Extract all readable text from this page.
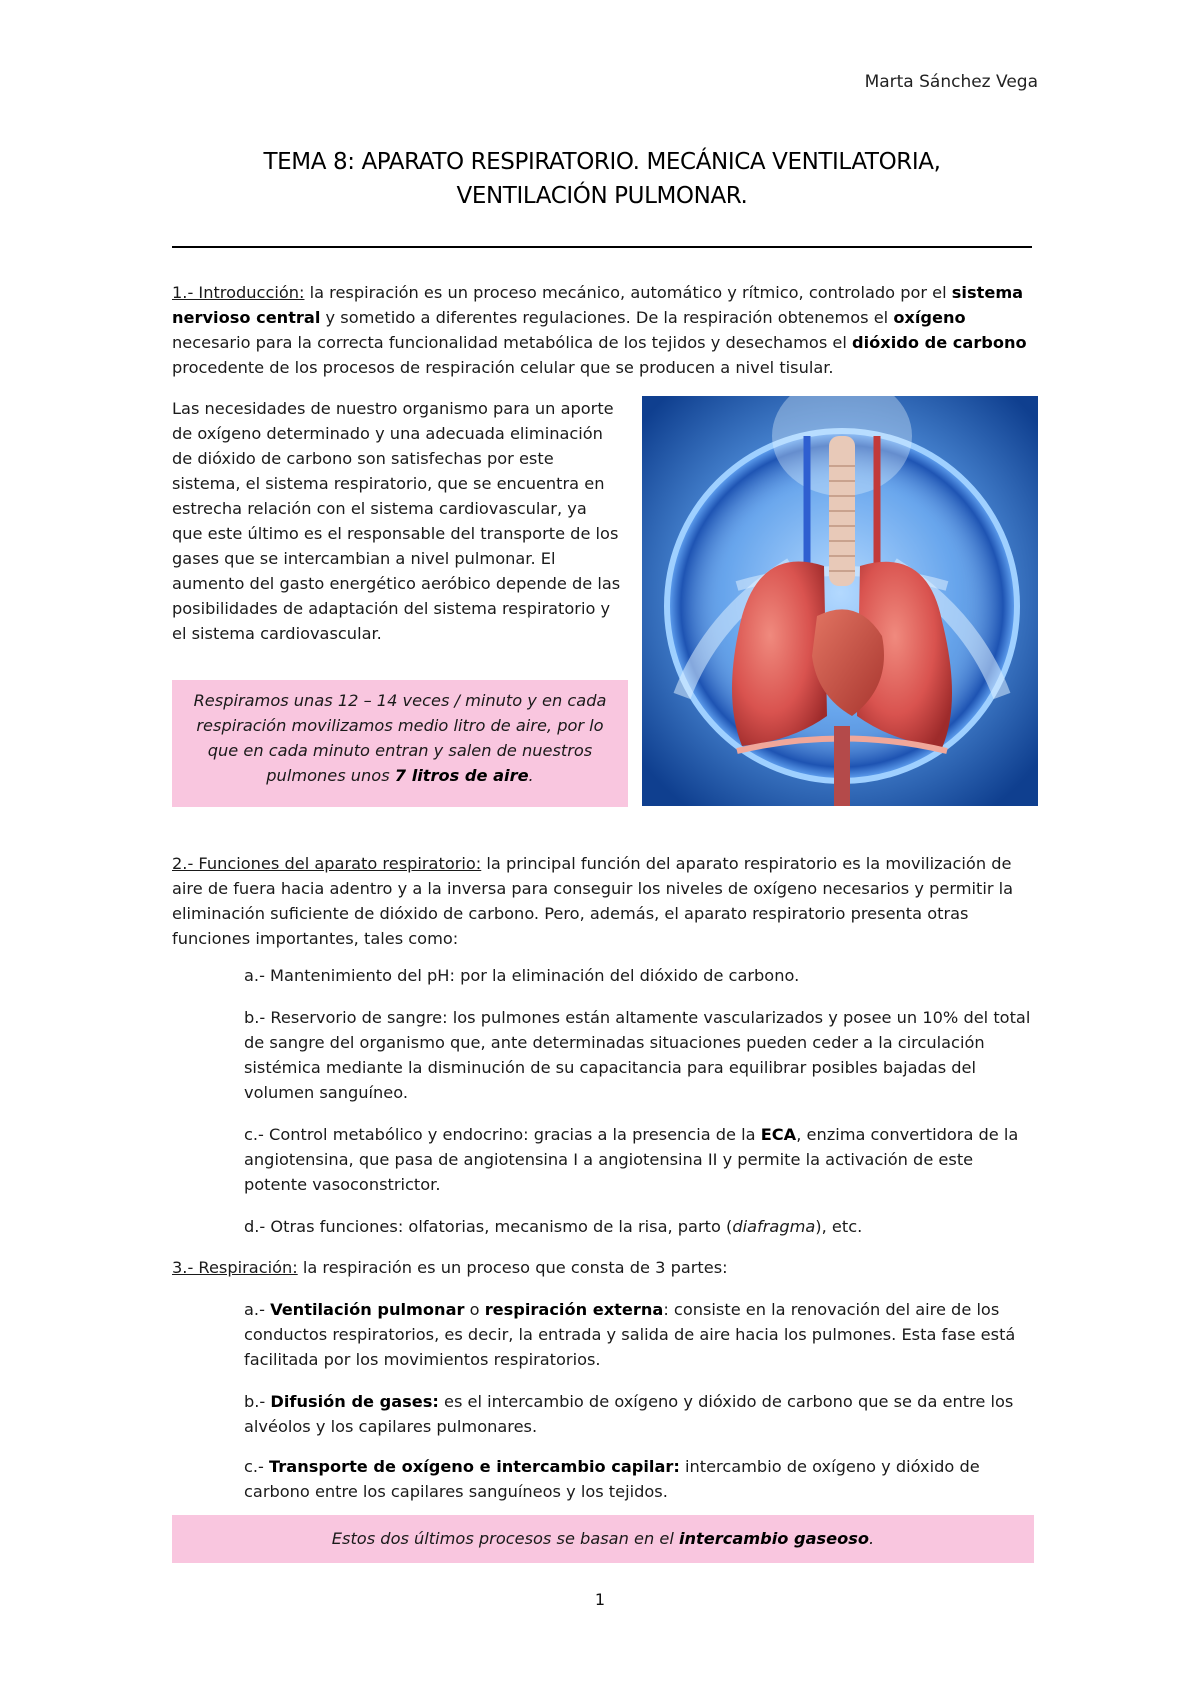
Marta Sánchez Vega
TEMA 8: APARATO RESPIRATORIO. MECÁNICA VENTILATORIA,
VENTILACIÓN PULMONAR.
1.- Introducción: la respiración es un proceso mecánico, automático y rítmico, controlado por el sistema nervioso central y sometido a diferentes regulaciones. De la respiración obtenemos el oxígeno necesario para la correcta funcionalidad metabólica de los tejidos y desechamos el dióxido de carbono procedente de los procesos de respiración celular que se producen a nivel tisular.
Las necesidades de nuestro organismo para un aporte de oxígeno determinado y una adecuada eliminación de dióxido de carbono son satisfechas por este sistema, el sistema respiratorio, que se encuentra en estrecha relación con el sistema cardiovascular, ya que este último es el responsable del transporte de los gases que se intercambian a nivel pulmonar. El aumento del gasto energético aeróbico depende de las posibilidades de adaptación del sistema respiratorio y el sistema cardiovascular.

Respiramos unas 12 – 14 veces / minuto y en cada respiración movilizamos medio litro de aire, por lo que en cada minuto entran y salen de nuestros pulmones unos 7 litros de aire.

2.- Funciones del aparato respiratorio: la principal función del aparato respiratorio es la movilización de aire de fuera hacia adentro y a la inversa para conseguir los niveles de oxígeno necesarios y permitir la eliminación suficiente de dióxido de carbono. Pero, además, el aparato respiratorio presenta otras funciones importantes, tales como:
a.- Mantenimiento del pH: por la eliminación del dióxido de carbono.
b.- Reservorio de sangre: los pulmones están altamente vascularizados y posee un 10% del total de sangre del organismo que, ante determinadas situaciones pueden ceder a la circulación sistémica mediante la disminución de su capacitancia para equilibrar posibles bajadas del volumen sanguíneo.
c.- Control metabólico y endocrino: gracias a la presencia de la ECA, enzima convertidora de la angiotensina, que pasa de angiotensina I a angiotensina II y permite la activación de este potente vasoconstrictor.
d.- Otras funciones: olfatorias, mecanismo de la risa, parto (diafragma), etc.
3.- Respiración: la respiración es un proceso que consta de 3 partes:
a.- Ventilación pulmonar o respiración externa: consiste en la renovación del aire de los conductos respiratorios, es decir, la entrada y salida de aire hacia los pulmones. Esta fase está facilitada por los movimientos respiratorios.
b.- Difusión de gases: es el intercambio de oxígeno y dióxido de carbono que se da entre los alvéolos y los capilares pulmonares.
c.- Transporte de oxígeno e intercambio capilar: intercambio de oxígeno y dióxido de carbono entre los capilares sanguíneos y los tejidos.

Estos dos últimos procesos se basan en el intercambio gaseoso.

1
